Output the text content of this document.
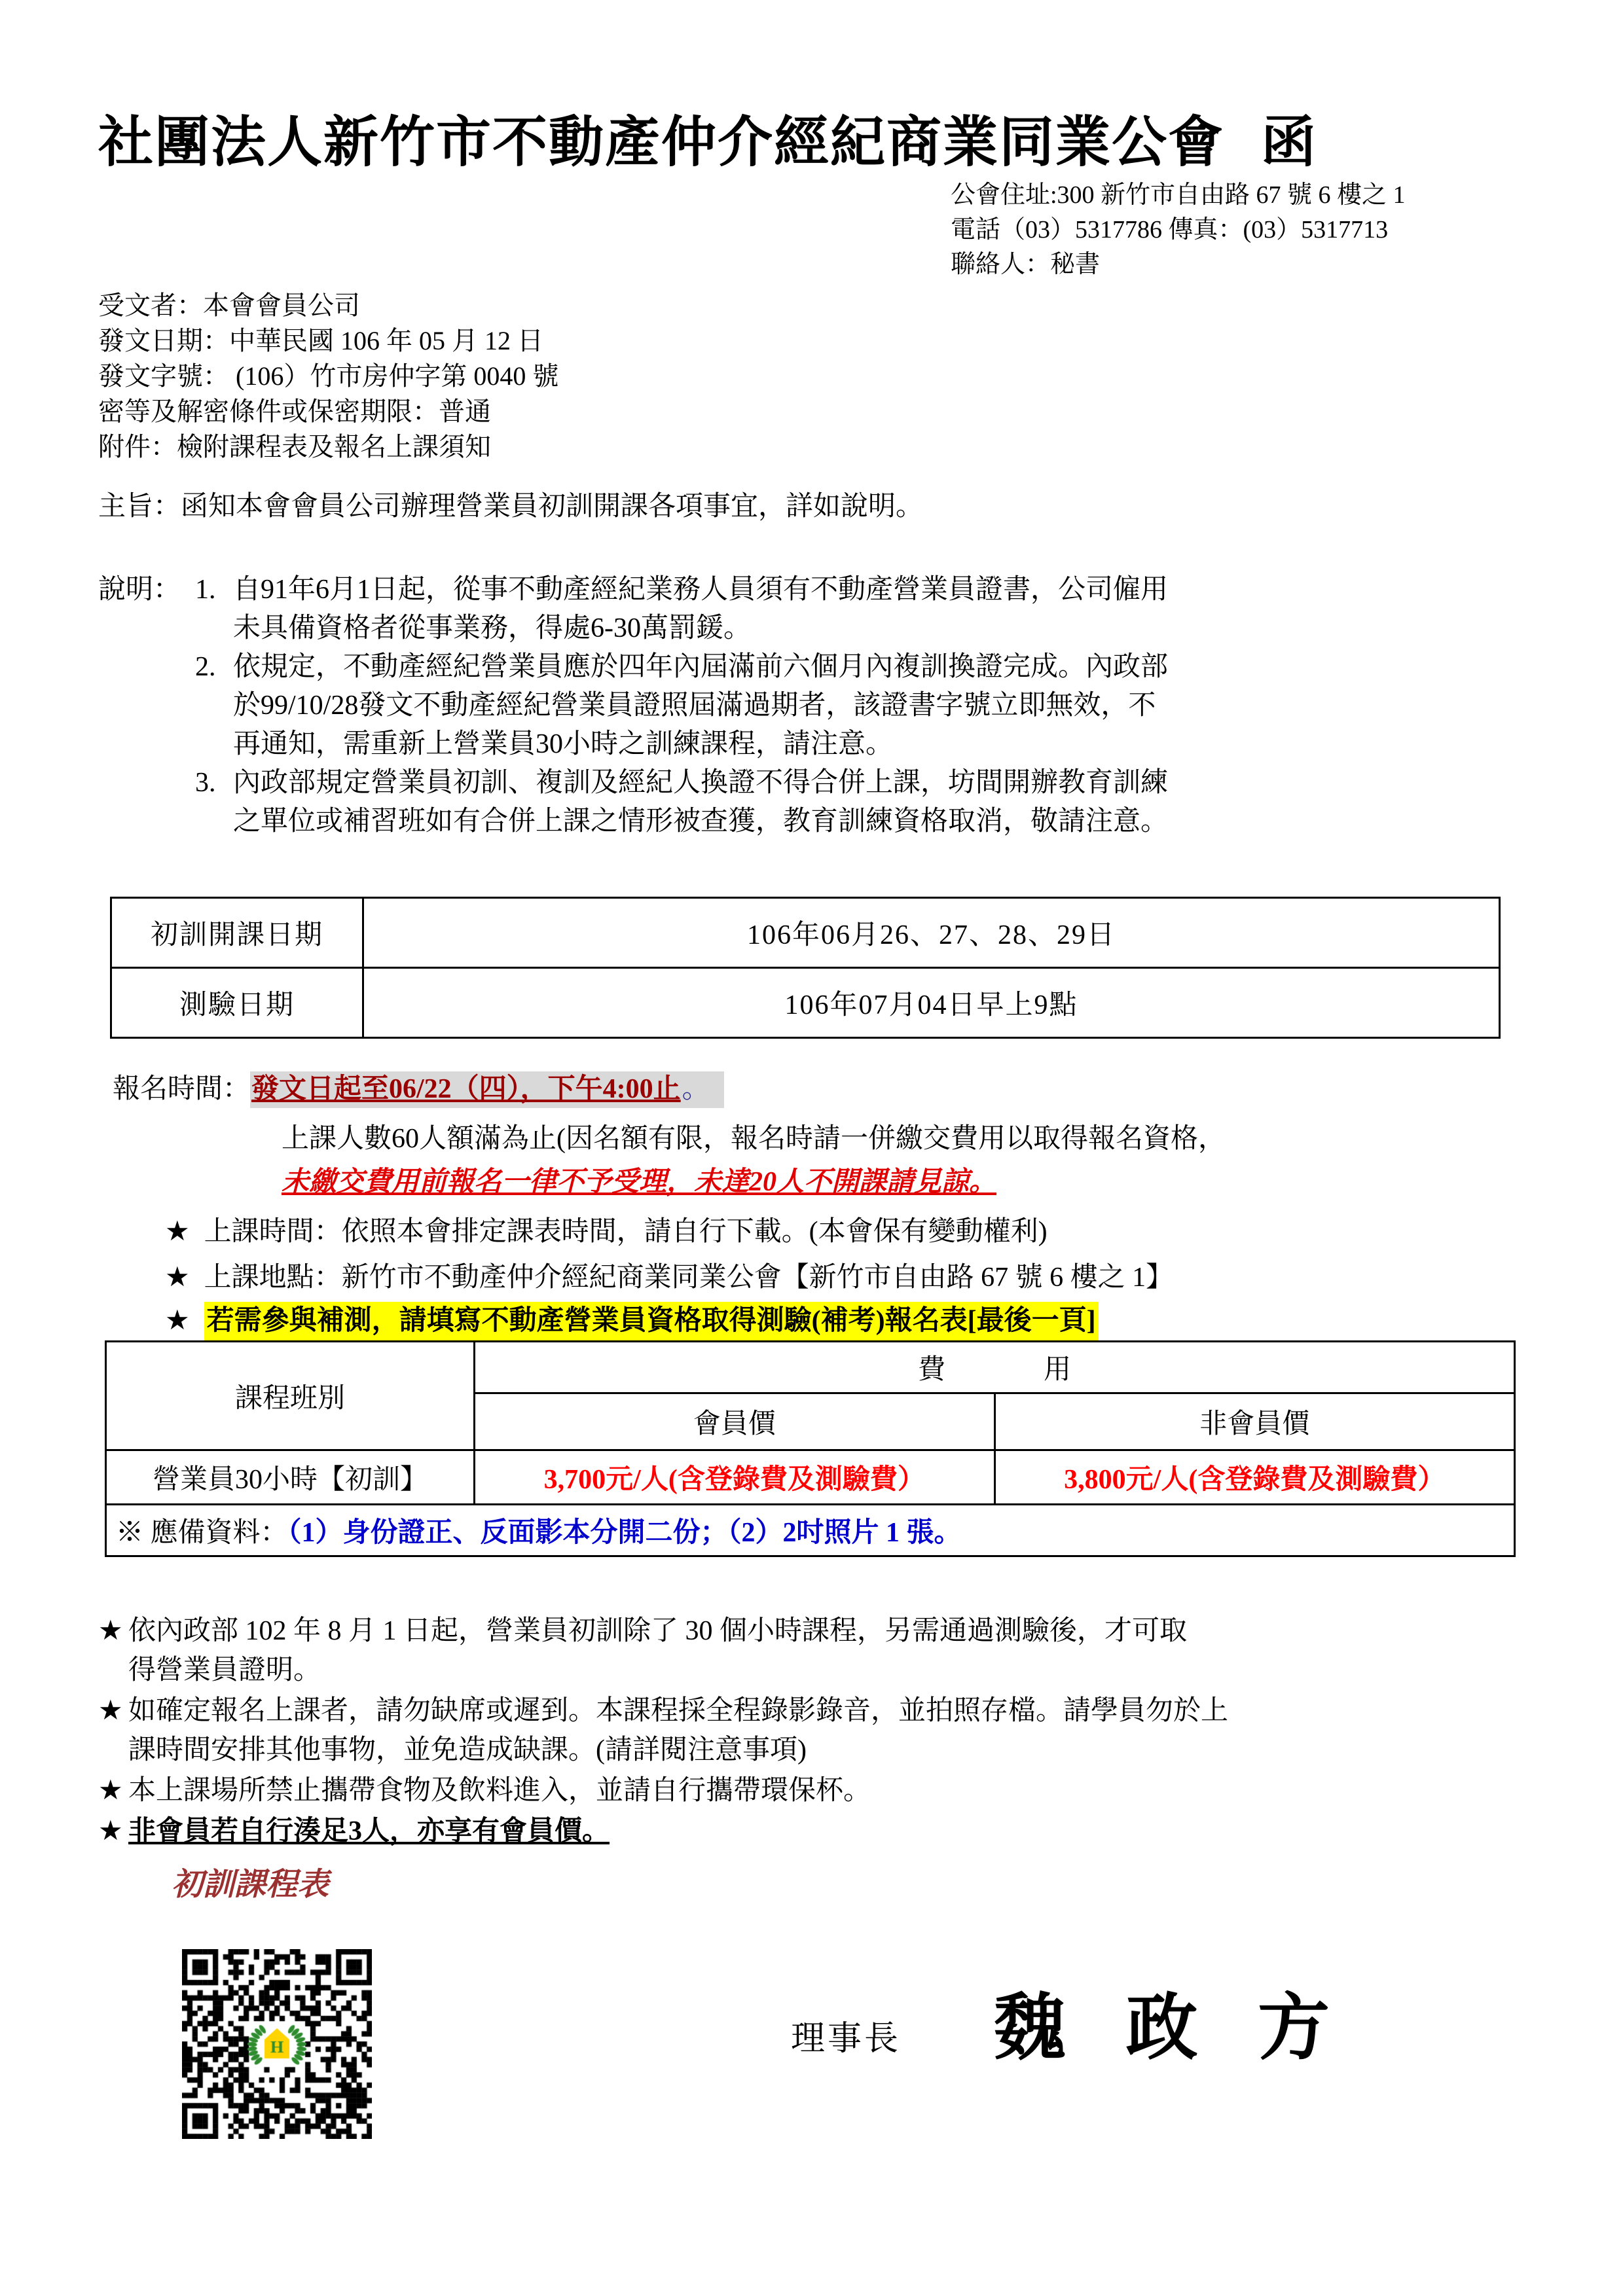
社團法人新竹市不動產仲介經紀商業同業公會 函
公會住址:300 新竹市自由路 67 號 6 樓之 1
電話（03）5317786 傳真：(03）5317713
聯絡人：秘書
受文者：本會會員公司
發文日期：中華民國 106 年 05 月 12 日
發文字號： (106）竹市房仲字第 0040 號
密等及解密條件或保密期限：普通
附件：檢附課程表及報名上課須知
主旨：函知本會會員公司辦理營業員初訓開課各項事宜，詳如說明。
說明： 1. 自91年6月1日起，從事不動產經紀業務人員須有不動產營業員證書，公司僱用
未具備資格者從事業務，得處6-30萬罰鍰。
2. 依規定，不動產經紀營業員應於四年內屆滿前六個月內複訓換證完成。內政部
於99/10/28發文不動產經紀營業員證照屆滿過期者，該證書字號立即無效，不
再通知，需重新上營業員30小時之訓練課程，請注意。
3. 內政部規定營業員初訓、複訓及經紀人換證不得合併上課，坊間開辦教育訓練
之單位或補習班如有合併上課之情形被查獲，教育訓練資格取消，敬請注意。
初訓開課日期	106年06月26、27、28、29日
測驗日期	106年07月04日早上9點
報名時間：發文日起至06/22（四），下午4:00止。
上課人數60人額滿為止(因名額有限，報名時請一併繳交費用以取得報名資格，
未繳交費用前報名一律不予受理，未達20人不開課請見諒。
★ 上課時間：依照本會排定課表時間，請自行下載。(本會保有變動權利)
★ 上課地點：新竹市不動產仲介經紀商業同業公會【新竹市自由路 67 號 6 樓之 1】
★ 若需參與補測，請填寫不動產營業員資格取得測驗(補考)報名表[最後一頁]
課程班別	費　用	
	會員價	非會員價
營業員30小時【初訓】	3,700元/人(含登錄費及測驗費）	3,800元/人(含登錄費及測驗費）
※ 應備資料：（1）身份證正、反面影本分開二份；（2）2吋照片 1 張。		
★ 依內政部 102 年 8 月 1 日起，營業員初訓除了 30 個小時課程，另需通過測驗後，才可取
得營業員證明。
★ 如確定報名上課者，請勿缺席或遲到。本課程採全程錄影錄音，並拍照存檔。請學員勿於上
課時間安排其他事物，並免造成缺課。(請詳閱注意事項)
★ 本上課場所禁止攜帶食物及飲料進入，並請自行攜帶環保杯。
★ 非會員若自行湊足3人，亦享有會員價。
初訓課程表
理事長 魏 政 方
